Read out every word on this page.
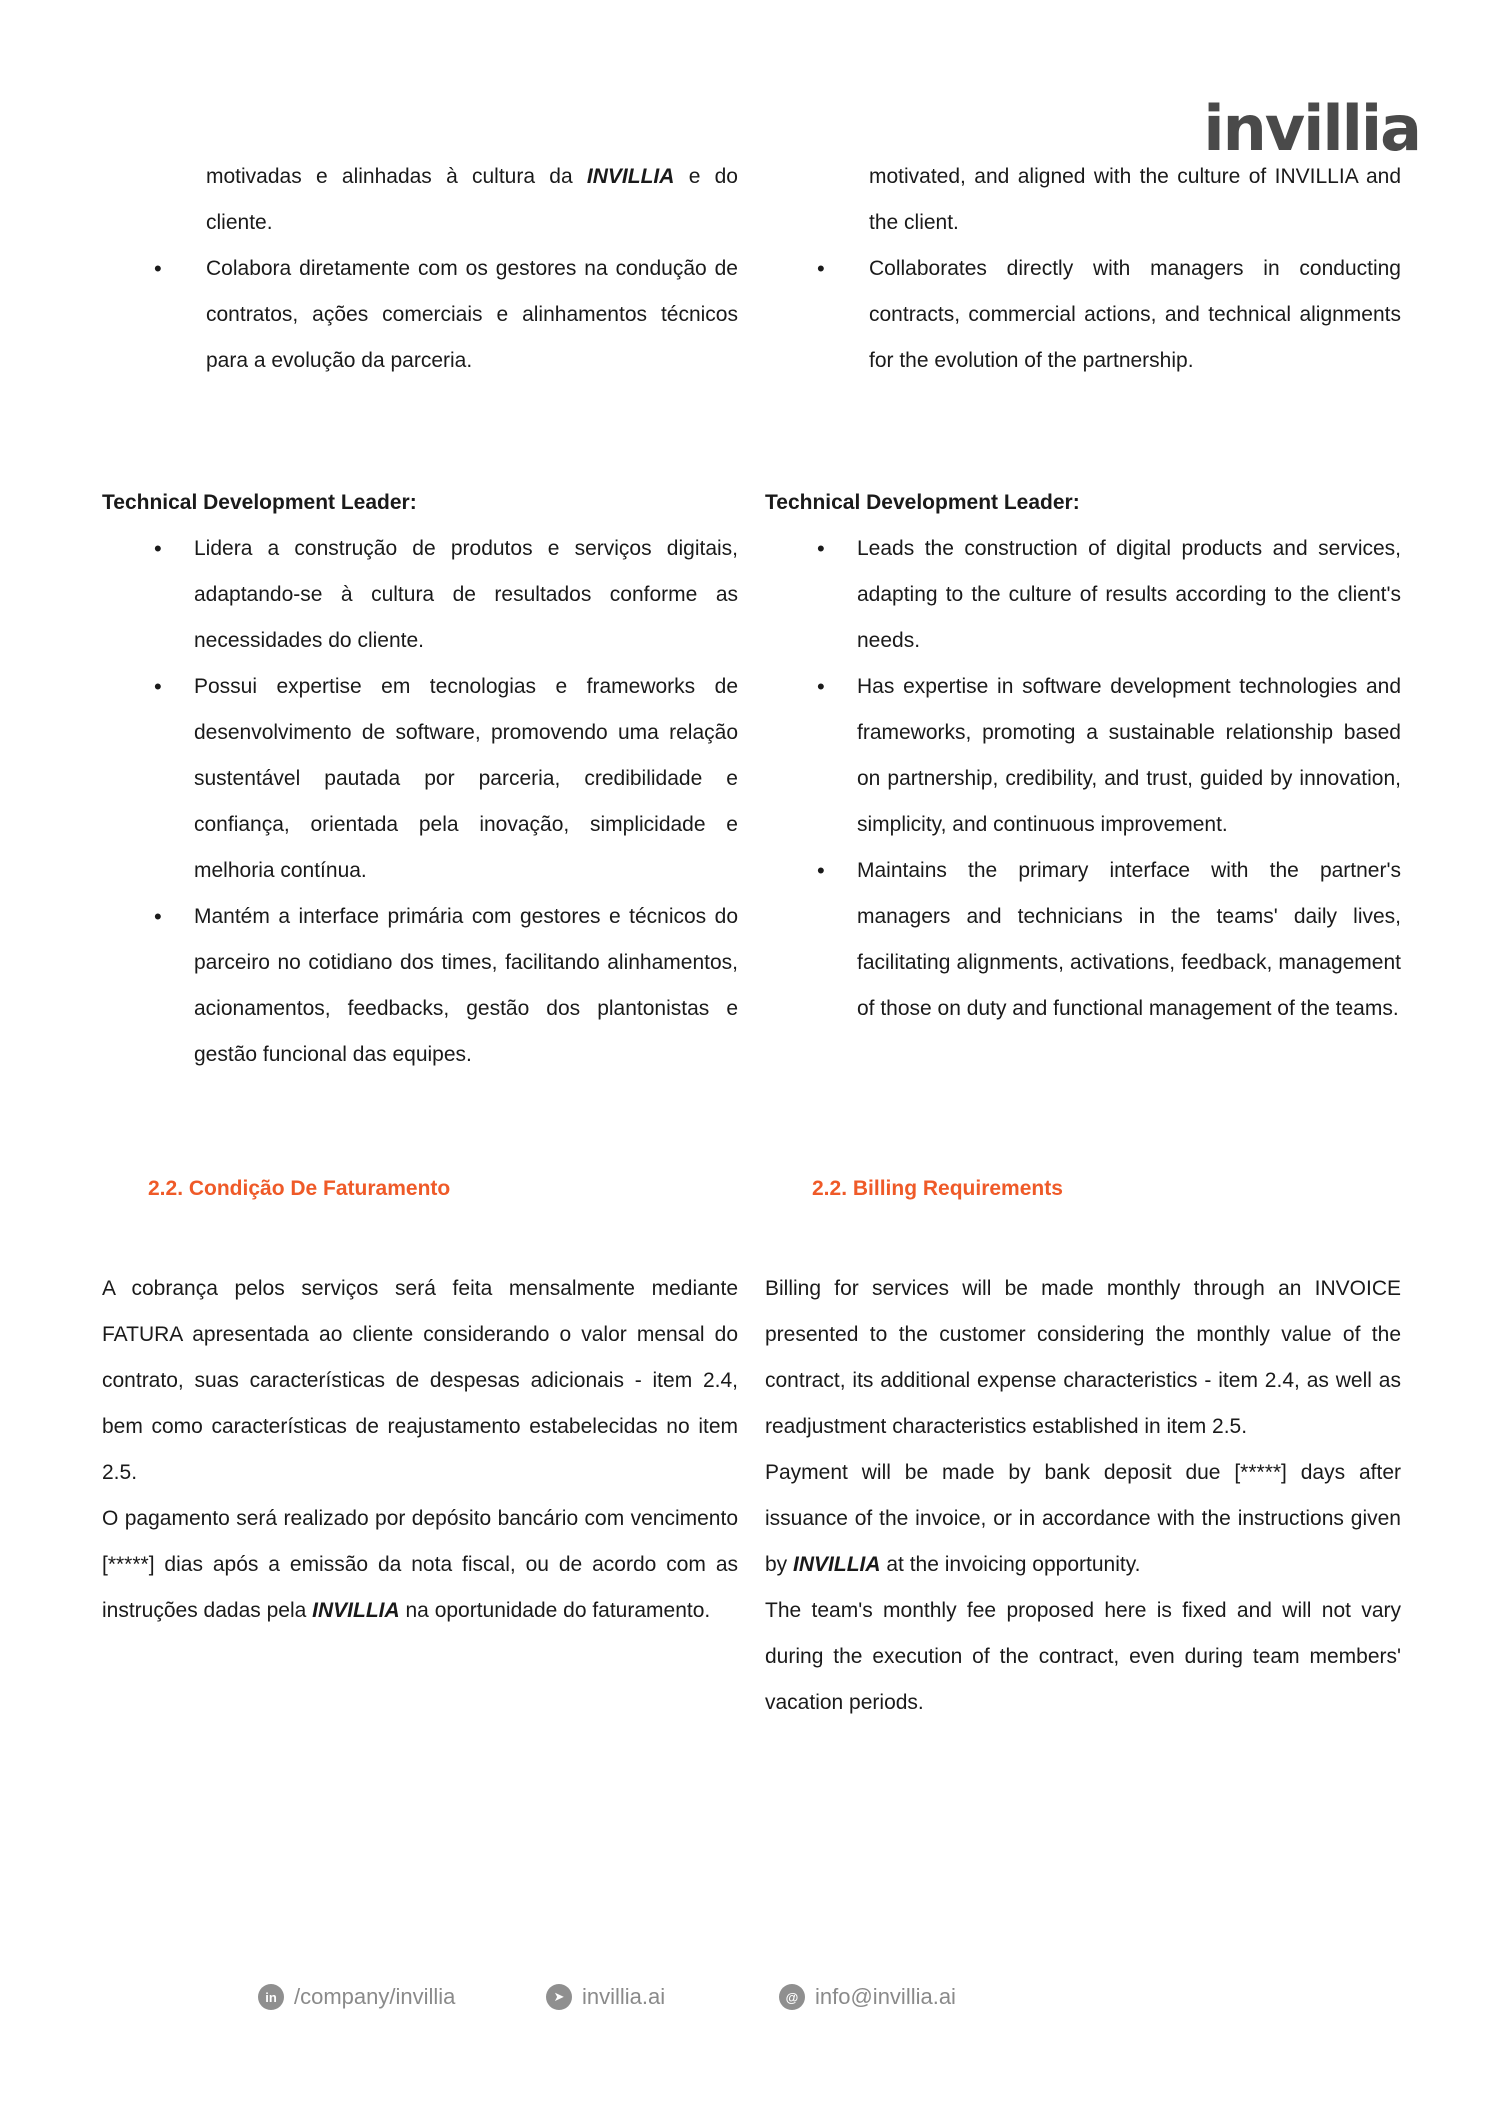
invillia

motivadas e alinhadas à cultura da INVILLIA e do cliente.

• Colabora diretamente com os gestores na condução de contratos, ações comerciais e alinhamentos técnicos para a evolução da parceria.

motivated, and aligned with the culture of INVILLIA and the client.

• Collaborates directly with managers in conducting contracts, commercial actions, and technical alignments for the evolution of the partnership.

Technical Development Leader:

• Lidera a construção de produtos e serviços digitais, adaptando-se à cultura de resultados conforme as necessidades do cliente.
• Possui expertise em tecnologias e frameworks de desenvolvimento de software, promovendo uma relação sustentável pautada por parceria, credibilidade e confiança, orientada pela inovação, simplicidade e melhoria contínua.
• Mantém a interface primária com gestores e técnicos do parceiro no cotidiano dos times, facilitando alinhamentos, acionamentos, feedbacks, gestão dos plantonistas e gestão funcional das equipes.

Technical Development Leader:

• Leads the construction of digital products and services, adapting to the culture of results according to the client's needs.
• Has expertise in software development technologies and frameworks, promoting a sustainable relationship based on partnership, credibility, and trust, guided by innovation, simplicity, and continuous improvement.
• Maintains the primary interface with the partner's managers and technicians in the teams' daily lives, facilitating alignments, activations, feedback, management of those on duty and functional management of the teams.
2.2. Condição De Faturamento	2.2. Billing Requirements

A cobrança pelos serviços será feita mensalmente mediante FATURA apresentada ao cliente considerando o valor mensal do contrato, suas características de despesas adicionais - item 2.4, bem como características de reajustamento estabelecidas no item 2.5.

O pagamento será realizado por depósito bancário com vencimento [*****] dias após a emissão da nota fiscal, ou de acordo com as instruções dadas pela INVILLIA na oportunidade do faturamento.

Billing for services will be made monthly through an INVOICE presented to the customer considering the monthly value of the contract, its additional expense characteristics - item 2.4, as well as readjustment characteristics established in item 2.5.

Payment will be made by bank deposit due [*****] days after issuance of the invoice, or in accordance with the instructions given by INVILLIA at the invoicing opportunity.

The team's monthly fee proposed here is fixed and will not vary during the execution of the contract, even during team members' vacation periods.

in /company/invillia	➤ invillia.ai	@ info@invillia.ai
